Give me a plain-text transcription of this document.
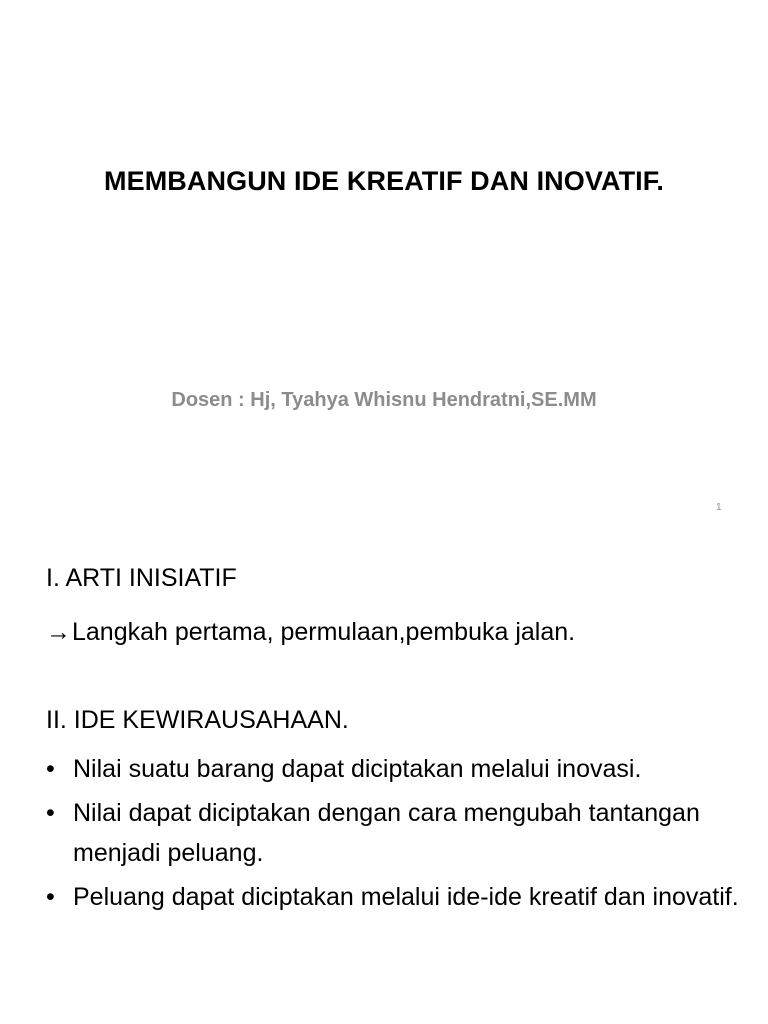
MEMBANGUN IDE KREATIF DAN INOVATIF.
Dosen : Hj, Tyahya Whisnu Hendratni,SE.MM
1
I. ARTI INISIATIF
→Langkah pertama, permulaan,pembuka jalan.
II. IDE KEWIRAUSAHAAN.
• Nilai suatu barang dapat diciptakan melalui inovasi.
• Nilai dapat diciptakan dengan cara mengubah tantangan menjadi peluang.
• Peluang dapat diciptakan melalui ide-ide kreatif dan inovatif.
